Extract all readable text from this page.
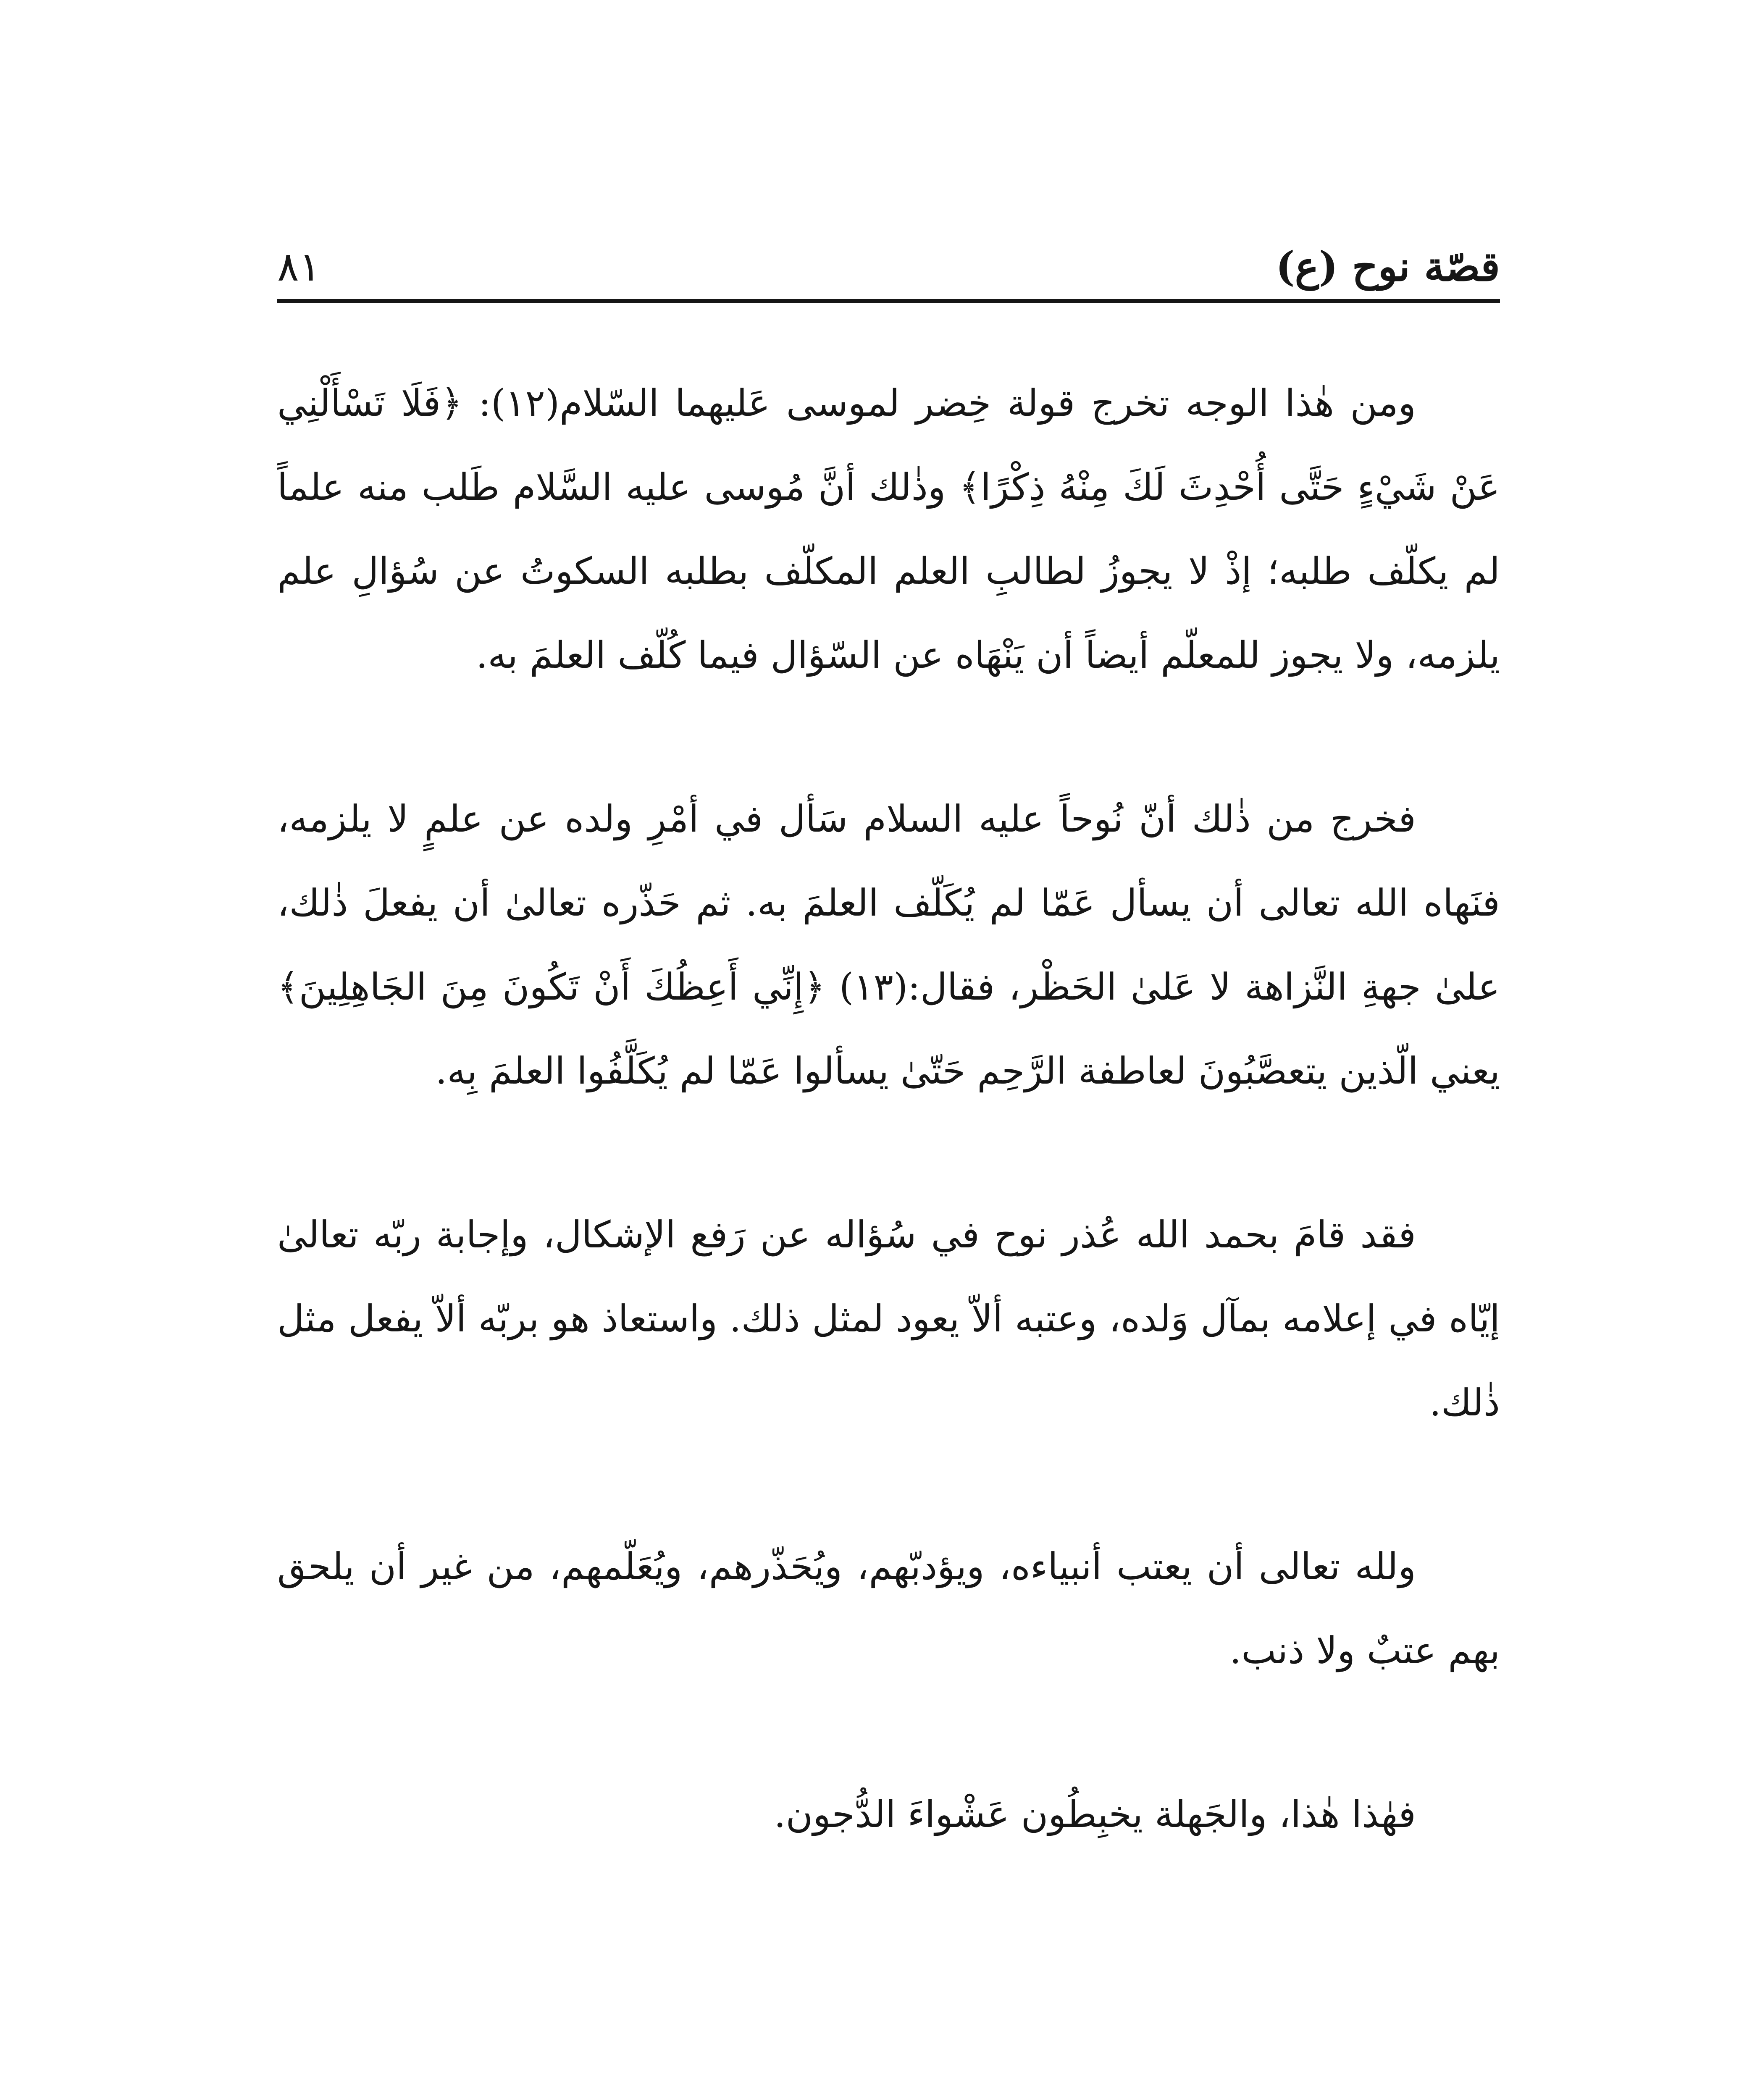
قصّة نوح (ع)
٨١

ومن هٰذا الوجه تخرج قولة خِضر لموسى عَليهما السّلام(١٢): ﴿فَلَا تَسْأَلْنِي عَنْ شَيْءٍ حَتَّى أُحْدِثَ لَكَ مِنْهُ ذِكْرًا﴾ وذٰلك أنَّ مُوسى عليه السَّلام طَلب منه علماً لم يكلّف طلبه؛ إذْ لا يجوزُ لطالبِ العلم المكلّف بطلبه السكوتُ عن سُؤالِ علم يلزمه، ولا يجوز للمعلّم أيضاً أن يَنْهَاه عن السّؤال فيما كُلّف العلمَ به.

فخرج من ذٰلك أنّ نُوحاً عليه السلام سَأل في أمْرِ ولده عن علمٍ لا يلزمه، فنَهاه الله تعالى أن يسأل عَمّا لم يُكَلّف العلمَ به. ثم حَذّره تعالىٰ أن يفعلَ ذٰلك، علىٰ جهةِ النَّزاهة لا عَلىٰ الحَظْر، فقال:(١٣) ﴿إِنِّي أَعِظُكَ أَنْ تَكُونَ مِنَ الجَاهِلِينَ﴾ يعني الّذين يتعصَّبُونَ لعاطفة الرَّحِم حَتّىٰ يسألوا عَمّا لم يُكَلَّفُوا العلمَ بِه.

فقد قامَ بحمد الله عُذر نوح في سُؤاله عن رَفع الإشكال، وإجابة ربّه تعالىٰ إيّاه في إعلامه بمآل وَلده، وعتبه ألاّ يعود لمثل ذلك. واستعاذ هو بربّه ألاّ يفعل مثل ذٰلك.

ولله تعالى أن يعتب أنبياءه، ويؤدبّهم، ويُحَذّرهم، ويُعَلّمهم، من غير أن يلحق بهم عتبٌ ولا ذنب.

فهٰذا هٰذا، والجَهلة يخبِطُون عَشْواءَ الدُّجون.
